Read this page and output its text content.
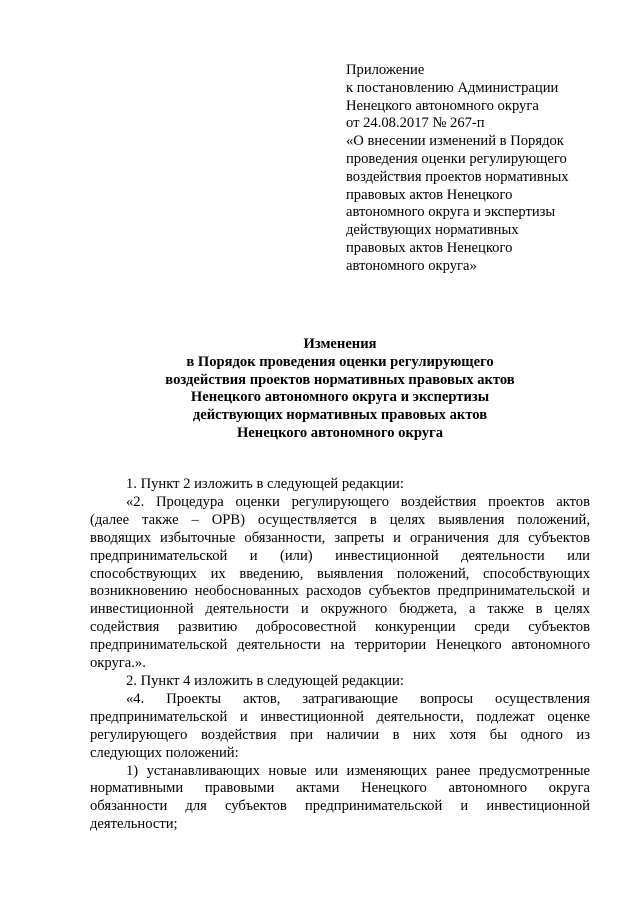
Приложение
к постановлению Администрации
Ненецкого автономного округа
от 24.08.2017 № 267-п
«О внесении изменений в Порядок
проведения оценки регулирующего
воздействия проектов нормативных
правовых актов Ненецкого
автономного округа и экспертизы
действующих нормативных
правовых актов Ненецкого
автономного округа»
Изменения
в Порядок проведения оценки регулирующего
воздействия проектов нормативных правовых актов
Ненецкого автономного округа и экспертизы
действующих нормативных правовых актов
Ненецкого автономного округа

1. Пункт 2 изложить в следующей редакции:

«2. Процедура оценки регулирующего воздействия проектов актов

(далее также – ОРВ) осуществляется в целях выявления положений,
вводящих избыточные обязанности, запреты и ограничения для субъектов
предпринимательской и (или) инвестиционной деятельности или
способствующих их введению, выявления положений, способствующих
возникновению необоснованных расходов субъектов предпринимательской и
инвестиционной деятельности и окружного бюджета, а также в целях
содействия развитию добросовестной конкуренции среди субъектов
предпринимательской деятельности на территории Ненецкого автономного
округа.».

2. Пункт 4 изложить в следующей редакции:

«4. Проекты актов, затрагивающие вопросы осуществления
предпринимательской и инвестиционной деятельности, подлежат оценке
регулирующего воздействия при наличии в них хотя бы одного из
следующих положений:
1) устанавливающих новые или изменяющих ранее предусмотренные
нормативными правовыми актами Ненецкого автономного округа
обязанности для субъектов предпринимательской и инвестиционной
деятельности;
